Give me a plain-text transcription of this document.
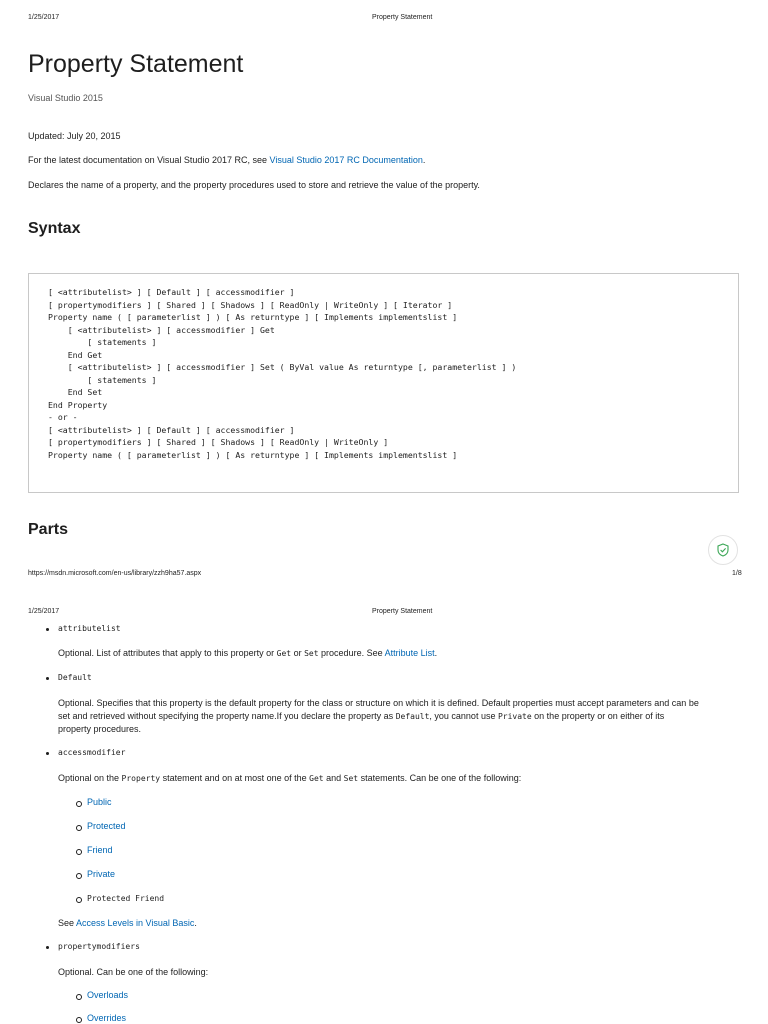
1/25/2017	Property Statement
Property Statement
Visual Studio 2015
Updated: July 20, 2015
For the latest documentation on Visual Studio 2017 RC, see Visual Studio 2017 RC Documentation.
Declares the name of a property, and the property procedures used to store and retrieve the value of the property.
Syntax
[ <attributelist> ] [ Default ] [ accessmodifier ]
[ propertymodifiers ] [ Shared ] [ Shadows ] [ ReadOnly | WriteOnly ] [ Iterator ]
Property name ( [ parameterlist ] ) [ As returntype ] [ Implements implementslist ]
[ <attributelist> ] [ accessmodifier ] Get
[ statements ]
End Get
[ <attributelist> ] [ accessmodifier ] Set ( ByVal value As returntype [, parameterlist ] )
[ statements ]
End Set
End Property
- or -
[ <attributelist> ] [ Default ] [ accessmodifier ]
[ propertymodifiers ] [ Shared ] [ Shadows ] [ ReadOnly | WriteOnly ]
Property name ( [ parameterlist ] ) [ As returntype ] [ Implements implementslist ]
Parts
https://msdn.microsoft.com/en-us/library/zzh9ha57.aspx	1/8
1/25/2017	Property Statement
attributelist
Optional. List of attributes that apply to this property or Get or Set procedure. See Attribute List.
Default
Optional. Specifies that this property is the default property for the class or structure on which it is defined. Default properties must accept parameters and can be
set and retrieved without specifying the property name.If you declare the property as Default, you cannot use Private on the property or on either of its
property procedures.
accessmodifier
Optional on the Property statement and on at most one of the Get and Set statements. Can be one of the following:
Public
Protected
Friend
Private
Protected Friend
See Access Levels in Visual Basic.
propertymodifiers
Optional. Can be one of the following:
Overloads
Overrides
